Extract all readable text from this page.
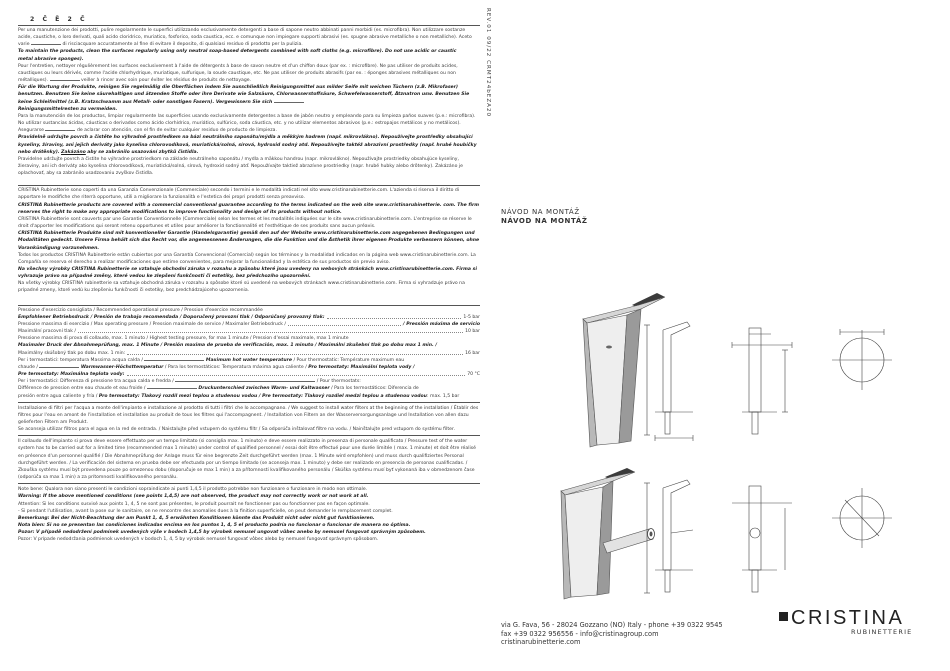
2 Č Ě 2 Č
Per una manutenzione dei prodotti, pulire regolarmente le superfici utilizzando esclusivamente detergenti a base di sapone neutro abbinati panni morbidi (es. microfibra). Non utilizzare sostanze acide, caustiche, o loro derivati, quali acido cloridrico, muriatico, fosforico, soda caustica, ecc. e comunque non impiegare supporti abrasivi (es. spugne abrasive metalliche o non metalliche). Aceto varie	di risciacquare accuratamente al fine di evitare il deposito, di qualsiasi residuo di prodotto per la pulizia.
To maintain the products, clean the surfaces regularly using only neutral soap-based detergents combined with soft cloths (e.g. microfibre). Do not use acidic or caustic
metal abrasive sponges).
Pour l'entretien, nettoyer régulièrement les surfaces exclusivement à l'aide de détergents à base de savon neutre et d'un chiffon doux (par ex. : microfibre). Ne pas utiliser de produits acides, caustiques ou leurs dérivés, comme l'acide chlorhydrique, muriatique, sulfurique, la soude caustique, etc. Ne pas utiliser de produits abrasifs (par ex. : éponges abrasives métalliques ou non métalliques).	veiller à rincer avec soin pour éviter les résidus de produits de nettoyage.
Für die Wartung der Produkte, reinigen Sie regelmäßig die Oberflächen indem Sie ausschließlich Reinigungsmittel aus milder Seife mit weichen Tüchern (z.B. Mikrofaser) benutzen. Benutzen Sie keine säurehaltigen und ätzenden Stoffe oder ihre Derivate wie Salzsäure, Chlorwasserstoffsäure, Schwefelwasserstoff, Ätznatron usw. Benutzen Sie keine Schleifmittel (z.B. Kratzschwamm aus Metall- oder sonstigen Fasern). Vergewissern Sie sich
Reinigungsmittelresten zu vermeiden.
Para la manutención de los productos, limpiar regularmente las superficies usando exclusivamente detergentes a base de jabón neutro y empleando para su limpieza paños suaves (p.e.: microfibra). No utilizar sustancias ácidas, cáusticas o derivados como ácido clorhídrico, muriático, sulfúrico, soda cáustica, etc. y no utilizar elementos abrasivos (p.e.: estropajos metálicos y no metálicos). Asegurarse	de aclarar con atención, con el fin de evitar cualquier residuo de producto de limpieza.
Pravidelně udržujte povrch a čistěte ho výhradně prostředkem na bázi neutrálního saponátu/mýdla a měkkým hadrem (např. mikrovlákno). Nepoužívejte prostředky obsahující kyseliny, žíraviny, ani jejich deriváty jako kyselina chlorovodíková, muriatická/solná, sírová, hydroxid sodný atd. Nepoužívejte taktéž abrazivní prostředky (např. hrubé houbičky nebo drátěnky). Zakázáno aby se zabránilo usazování zbytků čistidla.
Pravidelne udržujte povrch a čistite ho výhradne prostriedkom na základe neutrálneho saponátu / mydla a mäkkou handrou (napr. mikrovlákno). Nepoužívajte prostriedky obsahujúce kyseliny, žieraviny, ani ich deriváty ako kyselina chlorovodíková, muriatická/solná, sírová, hydroxid sodný atď. Nepoužívajte taktiež abrazívne prostriedky (napr. hrubé hubky alebo drôtenky). Zakázáno je oplachovať, aby sa zabránilo usadzovaniu zvyškov čistidla.
CRISTINA Rubinetterie sono coperti da una Garanzia Convenzionale (Commerciale) secondo i termini e le modalità indicati nel sito www.cristinarubinetterie.com. L'azienda si riserva il diritto di apportare le modifiche che riterrà opportune, utili a migliorare la funzionalità e l'estetica dei propri prodotti senza preavviso.
CRISTINA Rubinetterie products are covered with a commercial conventional guarantee according to the terms indicated on the web site www.cristinarubinetterie. com. The firm reserves the right to make any appropriate modifications to improve functionality and design of its products without notice.
CRISTINA Rubinetterie sont couverts par une Garantie Conventionnelle (Commerciale) selon les termes et les modalités indiquées sur le site www.cristinarubinetterie.com. L'entreprise se réserve le droit d'apporter les modifications qui seront retenu opportunes et utiles pour améliorer la fonctionnalité et l'esthétique de ses produits sans aucun préavis.
CRISTINA Rubinetterie Produkte sind mit konventioneller Garantie (Handelsgarantie) gemäß den auf der Website www.cristinarubinetterie.com angegebenen Bedingungen und Modalitäten gedeckt. Unsere Firma behält sich das Recht vor, die angemessenen Änderungen, die die Funktion und die Ästhetik ihrer eigenen Produkte verbessern können, ohne Vorankündigung vorzunehmen.
Todos los productos CRISTINA Rubinetterie están cubiertos por una Garantía Convencional (Comercial) según los términos y la modalidad indicados en la página web www.cristinarubinetterie.com. La Compañía se reserva el derecho a realizar modificaciones que estime convenientes, para mejorar la funcionalidad y la estética de sus productos sin previo aviso.
Na všechny výrobky CRISTINA Rubinetterie se vztahuje obchodní záruka v rozsahu a způsobu které jsou uvedeny na webových stránkách www.cristinarubinetterie.com. Firma si vyhrazuje právo na případné změny, které vedou ke zlepšení funkčnosti či estetiky, bez předchozího upozornění.
Na všetky výrobky CRISTINA rubinetterie sa vzťahuje obchodná záruka v rozsahu a spôsobe ktoré sú uvedené na webových stránkach www.cristinarubinetterie.com. Firma si vyhradzuje právo na prípadné zmeny, ktoré vedú ku zlepšeniu funkčnosti či estetiky, bez predchádzajúceho upozornenia.
Pressione d'esercizio consigliata / Recommended operational pressure / Pression d'exercice recommandée
Empfohlener Betriebsdruck / Presión de trabajo recomendada / Doporučený provozní tlak / Odporúčaný provozný tlak:	1-5 bar
Pressione massima di esercizio / Max operating pressure / Pression maximale de service / Maximaler Betriebsdruck /	/ Pressión máxima de servicio
Maximální pracovní tlak /	10 bar
Pressione massima di prova di collaudo, max. 1 minuto / Highest testing pressure, for max 1 minute / Pression d'essai maximale, max 1 minute
Maximaler Druck der Abnahmeprüfung, max. 1 Minute / Presión maxima de prueba de verificación, max. 1 minuto / Maximální zkušební tlak po dobu max 1 min. /
Maximálny skúšobný tlak po dobu max. 1 min:	16 bar
Per i termostatici: temperatura Massima acqua calda /	Maximum hot water temperature / Pour thermostatic: Température maximum eau
chaude /	Warmwasser-Höchsttemperatur / Para los termostáticos: Temperatura máxima agua caliente / Pro termostaty: Maximální teplota vody /
Pre termostaty: Maximálna teplota vody:	70 °C
Per i termostatici: Differenza di pressione tra acqua calda e fredda /	/ Pour thermostats:
Différence de pression entre eau chaude et eau froide /	Druckunterschied zwischen Warm- und Kaltwasser / Para los termostáticos: Diferencia de
presión entre agua caliente y fría / Pro termostaty: Tlakový rozdíl mezi teplou a studenou vodou / Pre termostaty: Tlakový rozdiel medzi teplou a studenou vodou: max. 1,5 bar
Installazione di filtri per l'acqua a monte dell'impianto e installazione al prodotto di tutti i filtri che lo accompagnano. / We suggest to install water filters at the beginning of the installation / Établir des filtres pour l'eau en amont de l'installation et installation au produit de tous les filtres qui l'accompagnent. / Installation von Filtern an der Wasserversorgungsanlage und Installation von allen dazu gelieferten Filtern am Produkt.
Se aconseja utilizar filtros para el agua en la red de entrada. / Naistalujte před vstupem do systému filtr / Sa odporúča inštalovať filtre na vodu. / Nainštalujte pred vstupom do systému filter.
Il collaudo dell'impianto si prova deve essere effettuato per un tempo limitato (si consiglia max. 1 minuto) e deve essere realizzato in presenza di personale qualificato / Pressure test of the water system has to be carried out for a limited time (recommended max 1 minute) under control of qualified personnel / essai doit être effectué pour une durée limitée ( max. 1 minute) et doit être réalisé en présence d'un personnel qualifié / Die Abnahmeprüfung der Anlage muss für eine begrenzte Zeit durchgeführt werden (max. 1 Minute wird empfohlen) und muss durch qualifiziertes Personal durchgeführt werden. / La verificación del sistema en prueba debe ser efectuada por un tiempo limitado (se aconseja max. 1 minuto) y debe ser realizado en presencia de personas cualificadas. / Zkouška systému musí být provedena pouze po omezenou dobu (doporučuje se max 1 min) a za přítomnosti kvalifikovaného personálu / Skúška systému musí byť vykonaná iba v obmedzenom čase (odporúča sa max 1 min) a za prítomnosti kvalifikovaného personálu.
Note bene: Qualora non siano presenti le condizioni sopraindicate ai punti 1,4,5 il prodotto potrebbe non funzionare o funzionare in modo non ottimale.
Warning: If the above mentioned conditions (see points 1,4,5) are not observed, the product may not correctly work or not work at all.
Attention: Si les conditions susvisé aux points 1, 4, 5 ne sont pas présentes, le produit pourrait ne fonctionner pas ou fonctionner pas en façon optimale.
- Si pendant l'utilisation, avant la pose sur le sanitaire, on ne rencontre des anomalies dues à la finition superficielle, on peut demander le remplacement complet.
Bemerkung: Bei der Nicht-Beachtung der am Punkt 1, 4, 5 erwähnten Konditionen könnte das Produkt nicht oder nicht gut funktionieren.
Nota bien: Si no se presentan las condiciones indicadas encima en los puntos 1, 4, 5 el producto podría no funcionar o funcionar de manera no óptima.
Pozor: V případě nedodržení podmínek uvedených výše v bodech 1,4,5 by výrobek nemusel ungovat vůbec anebo by nemusel fungovat správným způsobem.
Pozor: V prípade nedodržania podmienok uvedených v bodoch 1, 4, 5 by výrobok nemusel fungovať vôbec alebo by nemusel fungovať správnym spôsobom.
REV.01 09/22 CRMT24bEZA20
NÁVOD NA MONTÁŽ
NÁVOD NA MONTÁŽ
via G. Fava, 56 - 28024 Gozzano (NO) Italy - phone +39 0322 9545
fax +39 0322 956556 - info@cristinagroup.com
cristinarubinetterie.com
CRISTINA
RUBINETTERIE
